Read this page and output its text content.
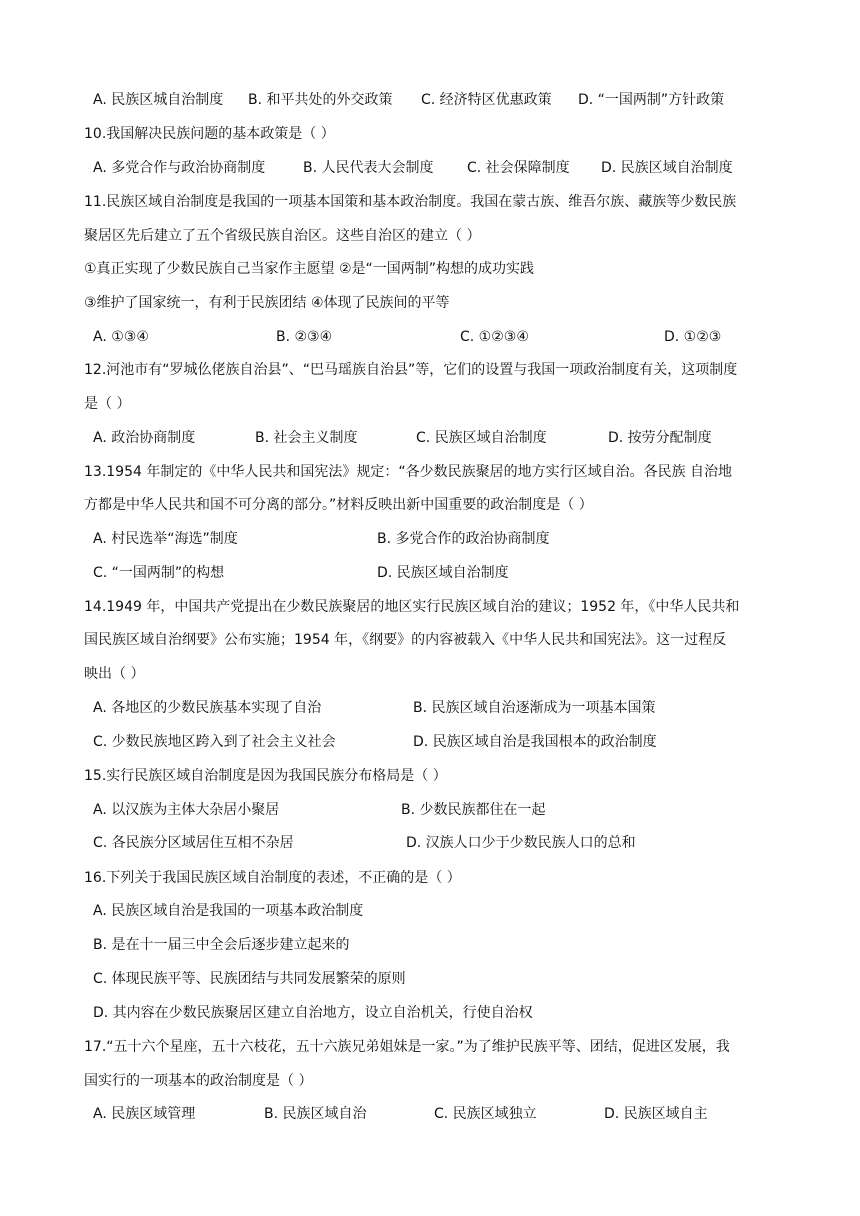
A. 民族区城自治制度 B. 和平共处的外交政策 C. 经济特区优惠政策 D. “一国两制”方针政策
10.我国解决民族问题的基本政策是（ ）
A. 多党合作与政治协商制度	B. 人民代表大会制度 C. 社会保障制度 D. 民族区域自治制度
11.民族区域自治制度是我国的一项基本国策和基本政治制度。我国在蒙古族、维吾尔族、藏族等少数民族
聚居区先后建立了五个省级民族自治区。这些自治区的建立（ ）
①真正实现了少数民族自己当家作主愿望 ②是“一国两制”构想的成功实践
③维护了国家统一，有利于民族团结 ④体现了民族间的平等
A. ①③④	B. ②③④	C. ①②③④	D. ①②③
12.河池市有“罗城仫佬族自治县”、“巴马瑶族自治县”等，它们的设置与我国一项政治制度有关，这项制度
是（ ）
A. 政治协商制度	B. 社会主义制度	C. 民族区域自治制度	D. 按劳分配制度
13.1954 年制定的《中华人民共和国宪法》规定：“各少数民族聚居的地方实行区域自治。各民族 自治地
方都是中华人民共和国不可分离的部分。”材料反映出新中国重要的政治制度是（ ）
A. 村民选举“海选”制度	B. 多党合作的政治协商制度
C. “一国两制”的构想	D. 民族区域自治制度
14.1949 年，中国共产党提出在少数民族聚居的地区实行民族区域自治的建议；1952 年，《中华人民共和
国民族区域自治纲要》公布实施；1954 年，《纲要》的内容被载入《中华人民共和国宪法》。这一过程反
映出（ ）
A. 各地区的少数民族基本实现了自治	B. 民族区域自治逐渐成为一项基本国策
C. 少数民族地区跨入到了社会主义社会	D. 民族区域自治是我国根本的政治制度
15.实行民族区域自治制度是因为我国民族分布格局是（ ）
A. 以汉族为主体大杂居小聚居	B. 少数民族都住在一起
C. 各民族分区域居住互相不杂居	D. 汉族人口少于少数民族人口的总和
16.下列关于我国民族区域自治制度的表述，不正确的是（ ）
A. 民族区域自治是我国的一项基本政治制度
B. 是在十一届三中全会后逐步建立起来的
C. 体现民族平等、民族团结与共同发展繁荣的原则
D. 其内容在少数民族聚居区建立自治地方，设立自治机关，行使自治权
17.“五十六个星座，五十六枝花，五十六族兄弟姐妹是一家。”为了维护民族平等、团结，促进区发展，我
国实行的一项基本的政治制度是（ ）
A. 民族区域管理	B. 民族区域自治	C. 民族区域独立	D. 民族区域自主
